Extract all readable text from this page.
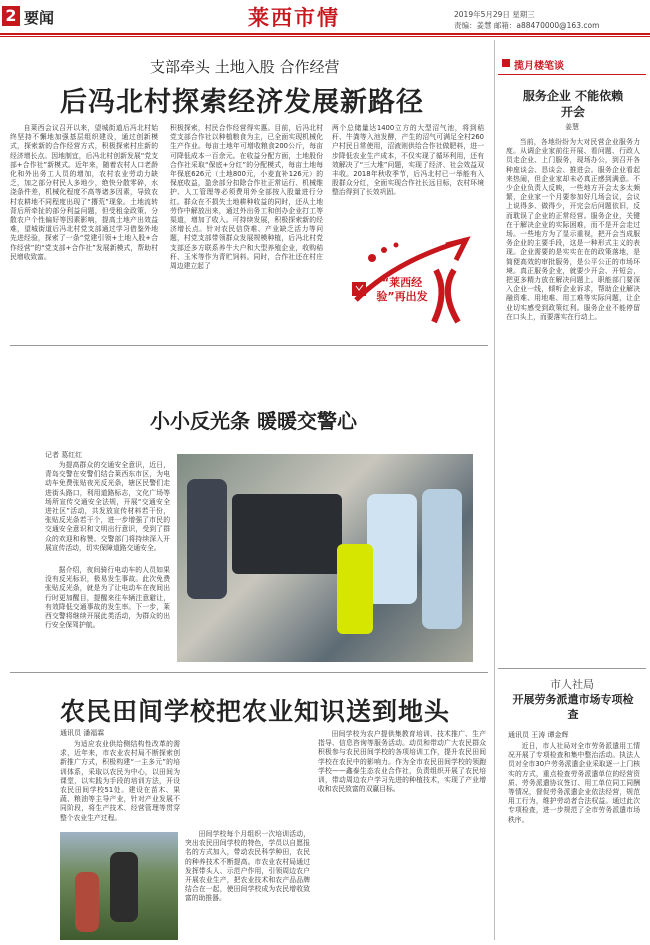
2 要闻	莱西市情	2019年5月29日 星期三
责编：姜慧 邮箱：a88470000@163.com
支部牵头 土地入股 合作经营
后冯北村探索经济发展新路径
自莱西会议召开以来，望城街道后冯北村始终坚持不懈地加强基层组织建设，通过创新模式，探索新的合作经营方式，积极探索村庄新的经济增长点。因地制宜，后冯北村创新发展“党支部+合作社”新模式。近年来，随着农村人口老龄化和外出务工人员的增加，农村农业劳动力缺乏，加之部分村民人多地少，绝快分散零碎，水浇条件差，机械化程度不高等诸多因素，导致农村农耕地不同程度出现了“撂荒”现象。土地流转背后所牵扯的部分利益问题，但受租金政策、分散农户个性偏好等因素影响，提高土地产出效益难，望城街道后冯北村党支部通过学习借鉴外地先进经验，探索了一条“党建引领+土地入股+合作经营”的“党支部+合作社”发展新模式，帮助村民增收致富。
积极探索，村民合作经营得实惠。目前，后冯北村党支部合作社以种植粮食为主，已全面实现机械化生产作业。每亩土地年可增收粮食200公斤，每亩可降低成本一百余元。在收益分配方面，土地股份合作社采取“保底+分红”的分配模式，每亩土地每年保底626元（土地800元，小麦直补126元）的保底收益，盈余部分扣除合作社正常运行、机械维护、人工管理等必须费用外全部按入股量进行分红。群众在不损失土地耕种收益的同时，还从土地劳作中解放出来，通过外出务工和创办企业打工等渠道，增加了收入。可持续发展，积极探索新的经济增长点。针对农民信贷难、产业缺乏活力等问题，村党支部带领群众发展规模种植，后冯北村党支部还多方联系养牛大户和大型养殖企业，收购秸秆、玉米等作为青贮饲料。同时，合作社还在村庄周边建立起了
两个总储量达1400立方的大型沼气池，将到秸秆、牛粪等入池发酵，产生的沼气可满足全村260户村民日常使用，沼液则供给合作社做肥料，进一步降低农业生产成本，不仅实现了循环利用，还有效解决了“三大堆”问题，实现了经济、社会效益双丰收。2018年秋收季节，后冯北村已一举能有入股群众分红，全面实现合作社长远目标，农村环境整治得到了长效巩固。
“莱西经验”再出发
小小反光条 暖暖交警心
记者 葛红红
为提高群众的交通安全意识，近日，青岛交警在安警们结合莱西东市区，为电动车免费张贴夜光反光条，辖区民警们走进街头路口，利用道路标志，文化广场等场所宣传交通安全法规，开展“交通安全进社区”活动，共发放宣传材料若干份，张贴反光条若干个，进一步增强了市民的交通安全意识和文明出行意识，受到了群众的欢迎和称赞。交警部门将持续深入开展宣传活动，切实保障道路交通安全。
据介绍，夜间骑行电动车的人员如果没有反光标识，极易发生事故。此次免费张贴反光条，就是为了让电动车在夜间出行时更加醒目，提醒来往车辆注意避让，有效降低交通事故的发生率。下一步，莱西交警将继续开展此类活动，为群众的出行安全保驾护航。
农民田间学校把农业知识送到地头
通讯员 潘福霖
为适应农业供给侧结构性改革的需求，近年来，市农业农村局不断探索创新推广方式，积极构建“一主多元”的培训体系，采取以农民为中心，以田间为课堂，以实践为手段的培训方法，开设农民田间学校51处。建设在苗木、果蔬、粮油等主导产业，针对产业发展不同阶段，将生产技术、经营管理等贯穿整个农业生产过程。
田间学校每个月组织一次培训活动，突出农民田间学校的特色，学员以自愿报名的方式加入，带动农民科学种田，农民的种养技术不断提高。市农业农村局通过发挥带头人、示范户作用，引领周边农户开展农业生产，把农业技术和农产品品牌结合在一起，使田间学校成为农民增收致富的助推器。
田间学校为农户提供集教育培训、技术推广、生产指导、信息咨询等服务活动。动员和带动广大农民群众积极参与农民田间学校的各项培训工作，提升农民田间学校在农民中的影响力。作为全市农民田间学校的领跑学校——鑫泰生态农业合作社，负责组织开展了农民培训，带动周边农户学习先进的种植技术，实现了产业增收和农民致富的双赢目标。
揽月楼笔谈
服务企业 不能依赖开会
姜慧
当前，各地纷纷为大对民营企业服务力度。从调企业家前往开展、看问题、行政人员走企业、上门服务，现场办公，到召开各种座谈会、恳谈会、推进会。服务企业看起来热闹，但企业家却未必真正感到满意。不少企业负责人反映，一些地方开会太多太频繁，企业家一个月要参加好几场会议，会议上说得多、做得少，开完会后问题依旧，反而耽误了企业的正常经营。服务企业，关键在于解决企业的实际困难，而不是开会走过场。一些地方为了显示重视，把开会当成服务企业的主要手段，这是一种形式主义的表现。企业需要的是实实在在的政策落地，是简便高效的审批服务，是公平公正的市场环境。真正服务企业，就要少开会、开短会，把更多精力放在解决问题上。职能部门要深入企业一线，倾听企业诉求，帮助企业解决融资难、用地难、用工难等实际问题，让企业切实感受到政策红利。服务企业不能停留在口头上，而要落实在行动上。
市人社局
开展劳务派遣市场专项检查
通讯员 王涛 谭金辉
近日，市人社局对全市劳务派遣用工情况开展了专项检查和集中整治活动。执法人员对全市30户劳务派遣企业采取逐一上门核实的方式，重点检查劳务派遣单位的经营资质、劳务派遣协议签订、用工单位同工同酬等情况，督促劳务派遣企业依法经营，规范用工行为，维护劳动者合法权益。通过此次专项检查，进一步规范了全市劳务派遣市场秩序。
